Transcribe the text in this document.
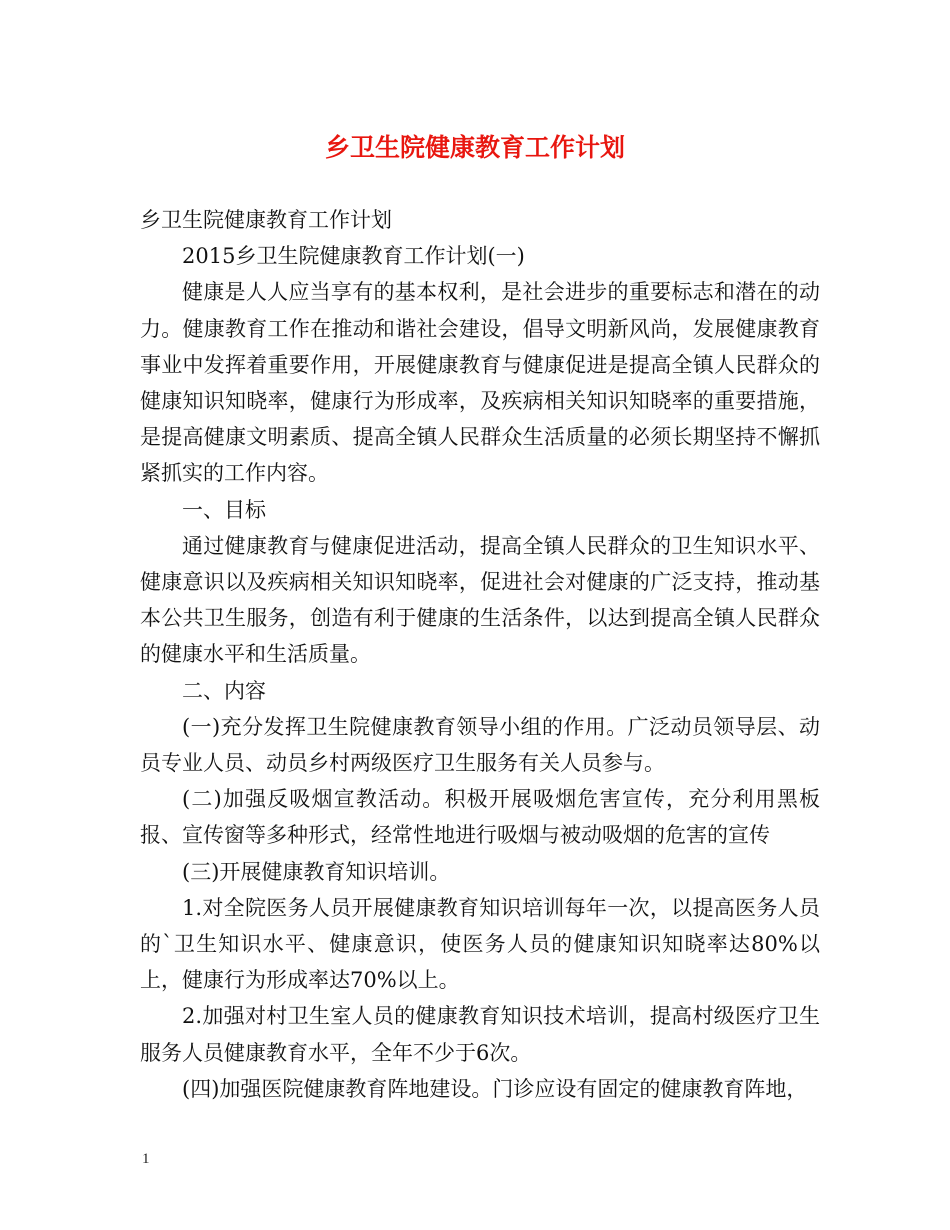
乡卫生院健康教育工作计划

乡卫生院健康教育工作计划

2015乡卫生院健康教育工作计划(一)

健康是人人应当享有的基本权利，是社会进步的重要标志和潜在的动力。健康教育工作在推动和谐社会建设，倡导文明新风尚，发展健康教育事业中发挥着重要作用，开展健康教育与健康促进是提高全镇人民群众的健康知识知晓率，健康行为形成率，及疾病相关知识知晓率的重要措施，是提高健康文明素质、提高全镇人民群众生活质量的必须长期坚持不懈抓紧抓实的工作内容。

一、目标

通过健康教育与健康促进活动，提高全镇人民群众的卫生知识水平、健康意识以及疾病相关知识知晓率，促进社会对健康的广泛支持，推动基本公共卫生服务，创造有利于健康的生活条件，以达到提高全镇人民群众的健康水平和生活质量。

二、内容

(一)充分发挥卫生院健康教育领导小组的作用。广泛动员领导层、动员专业人员、动员乡村两级医疗卫生服务有关人员参与。

(二)加强反吸烟宣教活动。积极开展吸烟危害宣传，充分利用黑板报、宣传窗等多种形式，经常性地进行吸烟与被动吸烟的危害的宣传

(三)开展健康教育知识培训。

1.对全院医务人员开展健康教育知识培训每年一次，以提高医务人员的`卫生知识水平、健康意识，使医务人员的健康知识知晓率达80%以上，健康行为形成率达70%以上。

2.加强对村卫生室人员的健康教育知识技术培训，提高村级医疗卫生服务人员健康教育水平，全年不少于6次。

(四)加强医院健康教育阵地建设。门诊应设有固定的健康教育阵地，

1
